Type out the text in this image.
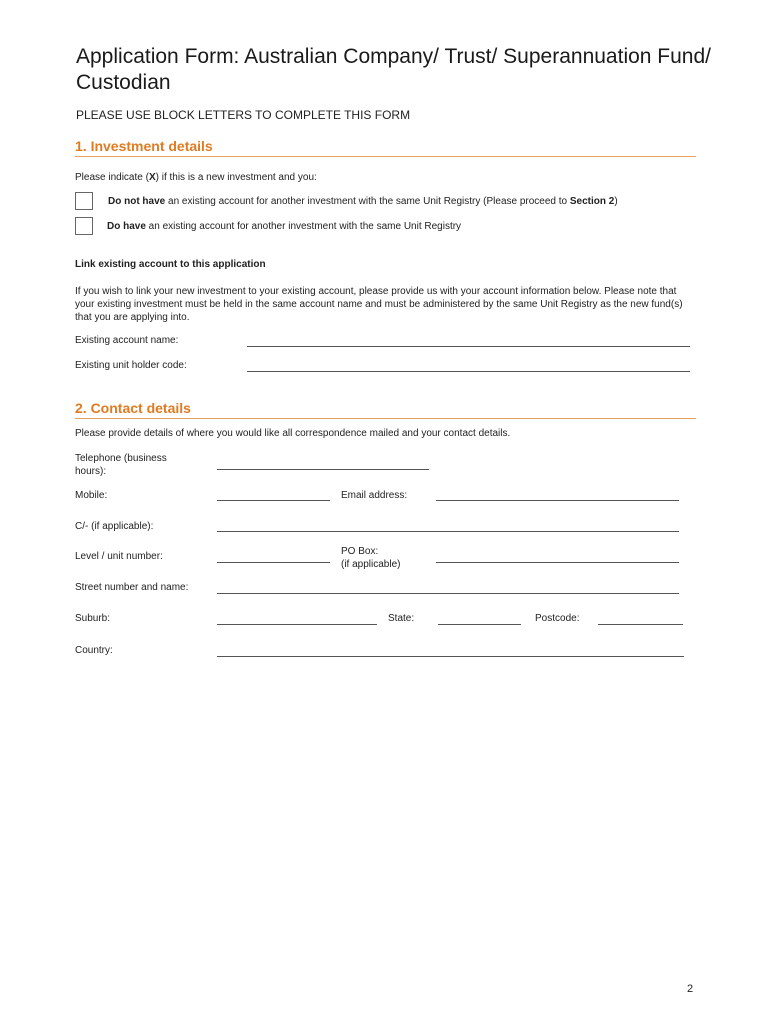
Application Form: Australian Company/ Trust/ Superannuation Fund/ Custodian
PLEASE USE BLOCK LETTERS TO COMPLETE THIS FORM
1. Investment details
Please indicate (X) if this is a new investment and you:
Do not have an existing account for another investment with the same Unit Registry (Please proceed to Section 2)
Do have an existing account for another investment with the same Unit Registry
Link existing account to this application
If you wish to link your new investment to your existing account, please provide us with your account information below. Please note that your existing investment must be held in the same account name and must be administered by the same Unit Registry as the new fund(s) that you are applying into.
Existing account name:
Existing unit holder code:
2. Contact details
Please provide details of where you would like all correspondence mailed and your contact details.
Telephone (business hours):
Mobile:	Email address:
C/- (if applicable):
Level / unit number:	PO Box:
(if applicable)
Street number and name:
Suburb:	State:	Postcode:
Country:
2
